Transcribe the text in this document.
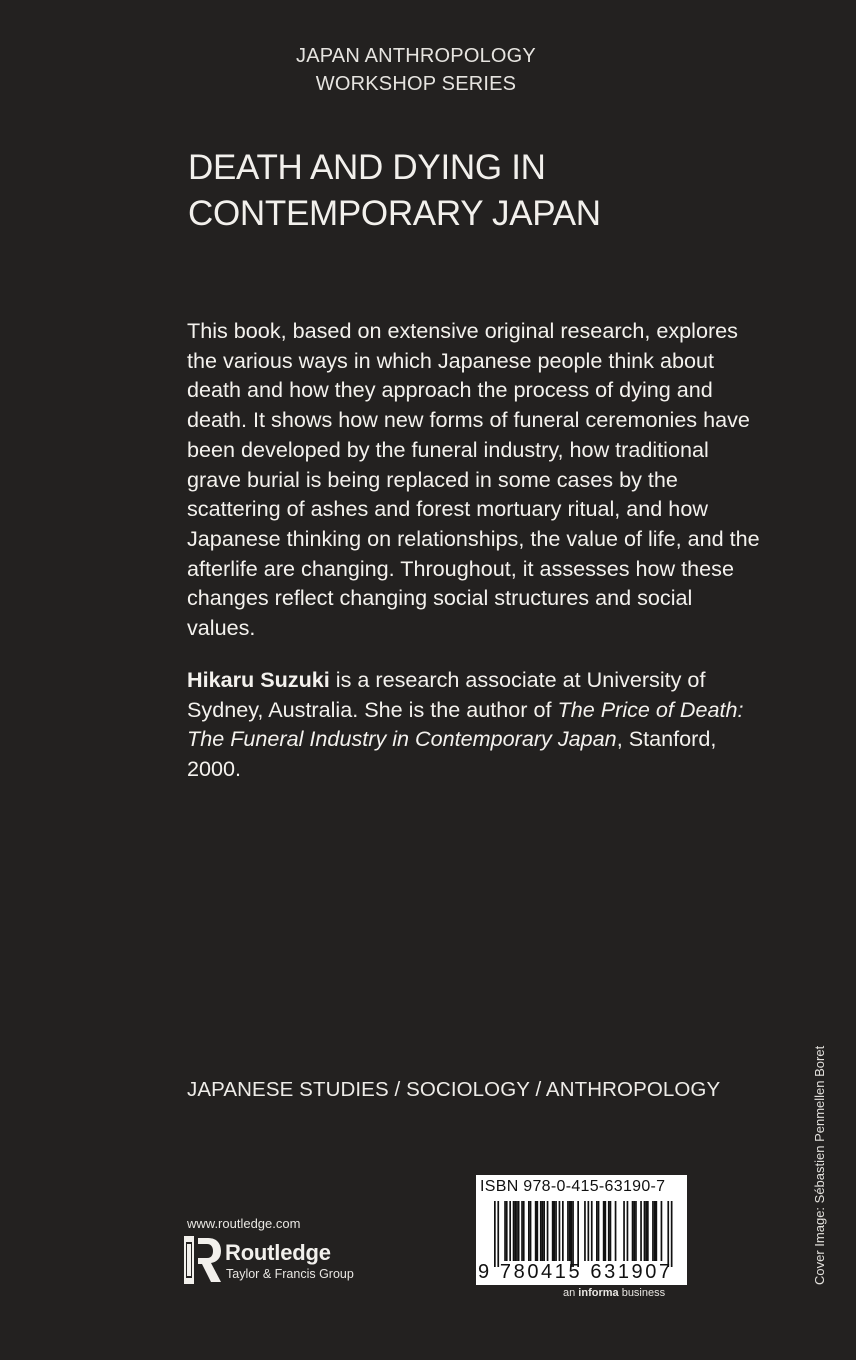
JAPAN ANTHROPOLOGY
WORKSHOP SERIES
DEATH AND DYING IN
CONTEMPORARY JAPAN

This book, based on extensive original research, explores the various ways in which Japanese people think about death and how they approach the process of dying and death. It shows how new forms of funeral ceremonies have been developed by the funeral industry, how traditional grave burial is being replaced in some cases by the scattering of ashes and forest mortuary ritual, and how Japanese thinking on relationships, the value of life, and the afterlife are changing. Throughout, it assesses how these changes reflect changing social structures and social values.

Hikaru Suzuki is a research associate at University of Sydney, Australia. She is the author of The Price of Death: The Funeral Industry in Contemporary Japan, Stanford, 2000.

JAPANESE STUDIES / SOCIOLOGY / ANTHROPOLOGY	Cover Image: Sébastien Penmellen Boret
www.routledge.com
Routledge
Taylor & Francis Group
ISBN 978-0-415-63190-7
9 780415 631907
an informa business
